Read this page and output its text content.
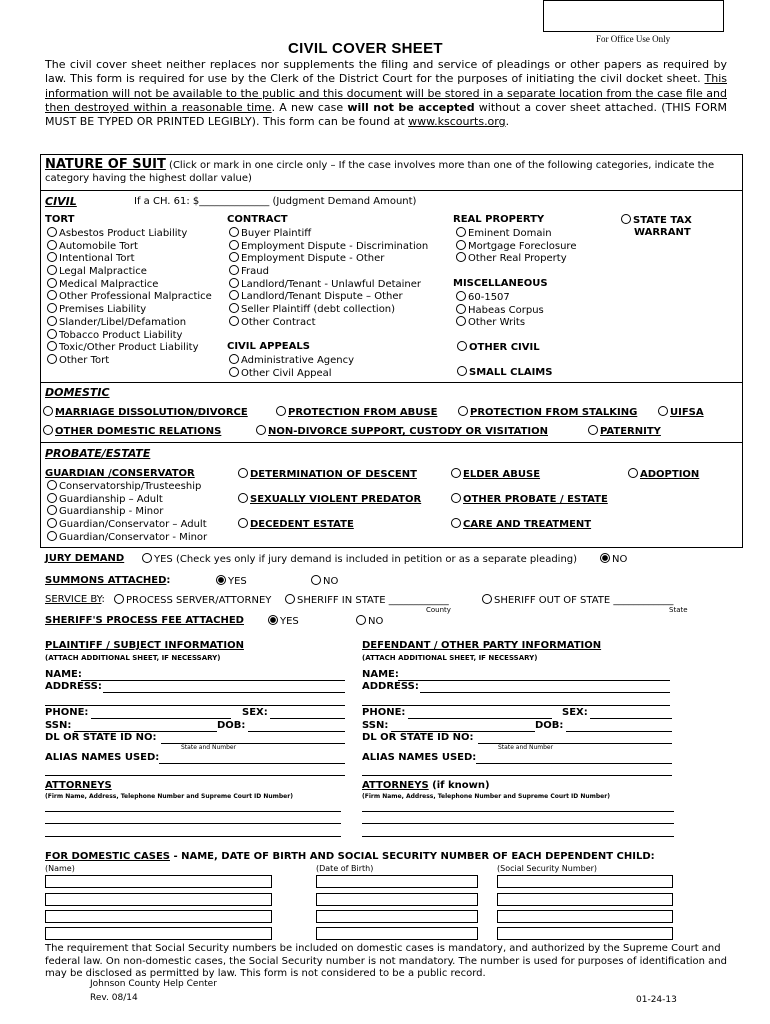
For Office Use Only
CIVIL COVER SHEET
The civil cover sheet neither replaces nor supplements the filing and service of pleadings or other papers as required by law. This form is required for use by the Clerk of the District Court for the purposes of initiating the civil docket sheet. This information will not be available to the public and this document will be stored in a separate location from the case file and then destroyed within a reasonable time. A new case will not be accepted without a cover sheet attached. (THIS FORM MUST BE TYPED OR PRINTED LEGIBLY). This form can be found at www.kscourts.org.
NATURE OF SUIT (Click or mark in one circle only – If the case involves more than one of the following categories, indicate the category having the highest dollar value)
CIVIL	If a CH. 61: $______________ (Judgment Demand Amount)
TORT
Asbestos Product Liability
Automobile Tort
Intentional Tort
Legal Malpractice
Medical Malpractice
Other Professional Malpractice
Premises Liability
Slander/Libel/Defamation
Tobacco Product Liability
Toxic/Other Product Liability
Other Tort
CONTRACT
Buyer Plaintiff
Employment Dispute - Discrimination
Employment Dispute - Other
Fraud
Landlord/Tenant - Unlawful Detainer
Landlord/Tenant Dispute – Other
Seller Plaintiff (debt collection)
Other Contract
CIVIL APPEALS
Administrative Agency
Other Civil Appeal
REAL PROPERTY
Eminent Domain
Mortgage Foreclosure
Other Real Property
MISCELLANEOUS
60-1507
Habeas Corpus
Other Writs
STATE TAX
WARRANT
OTHER CIVIL
SMALL CLAIMS
DOMESTIC
MARRIAGE DISSOLUTION/DIVORCE	PROTECTION FROM ABUSE	PROTECTION FROM STALKING	UIFSA
OTHER DOMESTIC RELATIONS	NON-DIVORCE SUPPORT, CUSTODY OR VISITATION	PATERNITY
PROBATE/ESTATE
GUARDIAN /CONSERVATOR
Conservatorship/Trusteeship
Guardianship – Adult
Guardianship - Minor
Guardian/Conservator – Adult
Guardian/Conservator - Minor
DETERMINATION OF DESCENT
SEXUALLY VIOLENT PREDATOR
DECEDENT ESTATE
ELDER ABUSE
OTHER PROBATE / ESTATE
CARE AND TREATMENT
ADOPTION
JURY DEMAND	YES (Check yes only if jury demand is included in petition or as a separate pleading)	NO
SUMMONS ATTACHED:	YES	NO
SERVICE BY:	PROCESS SERVER/ATTORNEY	SHERIFF IN STATE ____________
County
SHERIFF OUT OF STATE ____________
State
SHERIFF'S PROCESS FEE ATTACHED	YES	NO
PLAINTIFF / SUBJECT INFORMATION
(ATTACH ADDITIONAL SHEET, IF NECESSARY)
NAME:
ADDRESS:
PHONE:	SEX:
SSN:	DOB:
DL OR STATE ID NO:
State and Number
ALIAS NAMES USED:
ATTORNEYS
(Firm Name, Address, Telephone Number and Supreme Court ID Number)
DEFENDANT / OTHER PARTY INFORMATION
(ATTACH ADDITIONAL SHEET, IF NECESSARY)
NAME:
ADDRESS:
PHONE:	SEX:
SSN:	DOB:
DL OR STATE ID NO:
State and Number
ALIAS NAMES USED:
ATTORNEYS (if known)
(Firm Name, Address, Telephone Number and Supreme Court ID Number)
FOR DOMESTIC CASES - NAME, DATE OF BIRTH AND SOCIAL SECURITY NUMBER OF EACH DEPENDENT CHILD:
(Name)	(Date of Birth)	(Social Security Number)
The requirement that Social Security numbers be included on domestic cases is mandatory, and authorized by the Supreme Court and federal law. On non-domestic cases, the Social Security number is not mandatory. The number is used for purposes of identification and may be disclosed as permitted by law. This form is not considered to be a public record.
Johnson County Help Center
Rev. 08/14	01-24-13
